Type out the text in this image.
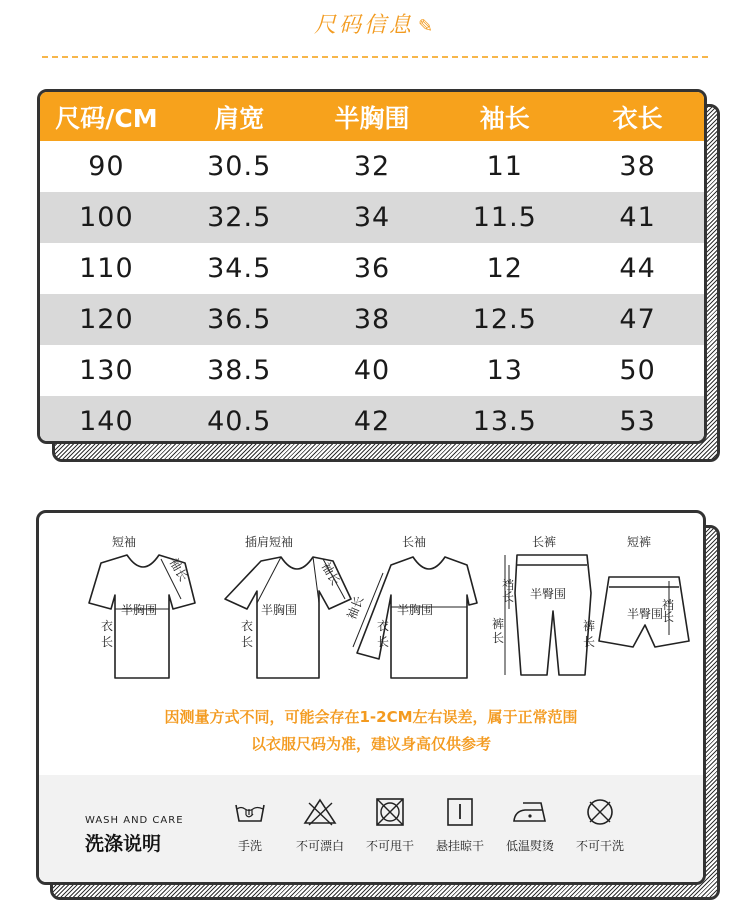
尺码信息 ✎
尺码/CM	肩宽	半胸围	袖长	衣长
90	30.5	32	11	38
100	32.5	34	11.5	41
110	34.5	36	12	44
120	36.5	38	12.5	47
130	38.5	40	13	50
140	40.5	42	13.5	53
短袖	插肩短袖	长袖	长裤	短裤
袖长
半胸围
衣
长
袖长
半胸围
衣
长
袖长	半胸围
衣
长
裆长	半臀围
裤长
半臀围
裆长
裤
长
因测量方式不同，可能会存在1-2CM左右误差，属于正常范围
以衣服尺码为准，建议身高仅供参考
WASH AND CARE
洗涤说明	手洗	不可漂白	不可甩干	悬挂晾干	低温熨烫	不可干洗
